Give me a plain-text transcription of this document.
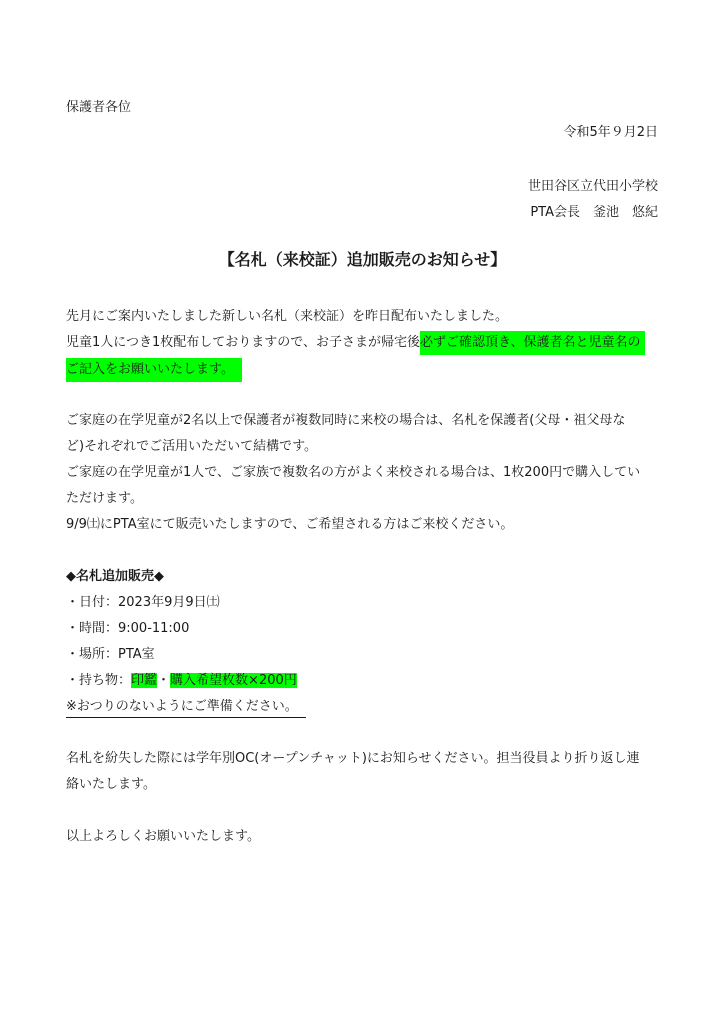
保護者各位
令和5年９月2日
世田谷区立代田小学校
PTA会長　釜池　悠紀
【名札（来校証）追加販売のお知らせ】
先月にご案内いたしました新しい名札（来校証）を昨日配布いたしました。
児童1人につき1枚配布しておりますので、お子さまが帰宅後必ずご確認頂き、保護者名と児童名の
ご記入をお願いいたします。
ご家庭の在学児童が2名以上で保護者が複数同時に来校の場合は、名札を保護者(父母・祖父母な
ど)それぞれでご活用いただいて結構です。
ご家庭の在学児童が1人で、ご家族で複数名の方がよく来校される場合は、1枚200円で購入してい
ただけます。
9/9㈯にPTA室にて販売いたしますので、ご希望される方はご来校ください。
◆名札追加販売◆
・日付：2023年9月9日㈯
・時間：9:00-11:00
・場所：PTA室
・持ち物：印鑑・購入希望枚数×200円
※おつりのないようにご準備ください。
名札を紛失した際には学年別OC(オープンチャット)にお知らせください。担当役員より折り返し連
絡いたします。
以上よろしくお願いいたします。
